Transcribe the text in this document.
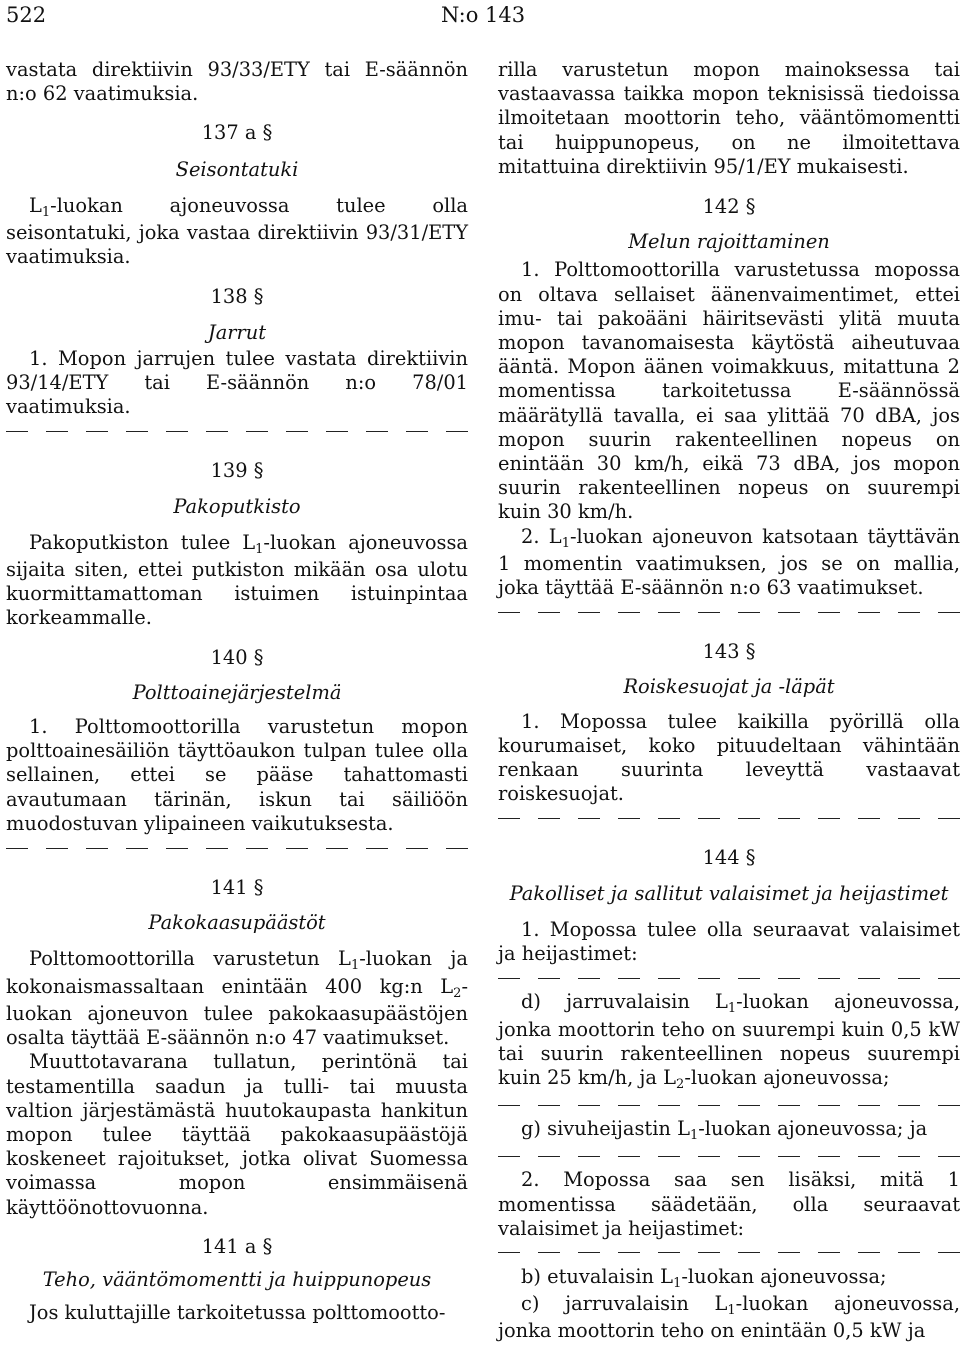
522	N:o 143

vastata direktiivin 93/33/ETY tai E-säännön n:o 62 vaatimuksia.

137 a §

Seisontatuki

$L_1$-luokan ajoneuvossa tulee olla seisontatuki, joka vastaa direktiivin 93/31/ETY vaatimuksia.

138 §

Jarrut

1. Mopon jarrujen tulee vastata direktiivin 93/14/ETY tai E-säännön n:o 78/01 vaatimuksia.

139 §

Pakoputkisto

Pakoputkiston tulee $L_1$-luokan ajoneuvossa sijaita siten, ettei putkiston mikään osa ulotu kuormittamattoman istuimen istuinpintaa korkeammalle.

140 §

Polttoainejärjestelmä

1. Polttomoottorilla varustetun mopon polttoainesäiliön täyttöaukon tulpan tulee olla sellainen, ettei se pääse tahattomasti avautumaan tärinän, iskun tai säiliöön muodostuvan ylipaineen vaikutuksesta.

141 §

Pakokaasupäästöt

Polttomoottorilla varustetun $L_1$-luokan ja kokonaismassaltaan enintään 400 kg:n $L_2$-luokan ajoneuvon tulee pakokaasupäästöjen osalta täyttää E-säännön n:o 47 vaatimukset.

Muuttotavarana tullatun, perintönä tai testamentilla saadun ja tulli- tai muusta valtion järjestämästä huutokaupasta hankitun mopon tulee täyttää pakokaasupäästöjä koskeneet rajoitukset, jotka olivat Suomessa voimassa mopon ensimmäisenä käyttöönottovuonna.

141 a §

Teho, vääntömomentti ja huippunopeus

Jos kuluttajille tarkoitetussa polttomootto-

rilla varustetun mopon mainoksessa tai vastaavassa taikka mopon teknisissä tiedoissa ilmoitetaan moottorin teho, vääntömomentti tai huippunopeus, on ne ilmoitettava mitattuina direktiivin 95/1/EY mukaisesti.

142 §

Melun rajoittaminen

1. Polttomoottorilla varustetussa mopossa on oltava sellaiset äänenvaimentimet, ettei imu- tai pakoääni häiritsevästi ylitä muuta mopon tavanomaisesta käytöstä aiheutuvaa ääntä. Mopon äänen voimakkuus, mitattuna 2 momentissa tarkoitetussa E-säännössä määrätyllä tavalla, ei saa ylittää 70 dBA, jos mopon suurin rakenteellinen nopeus on enintään 30 km/h, eikä 73 dBA, jos mopon suurin rakenteellinen nopeus on suurempi kuin 30 km/h.

2. $L_1$-luokan ajoneuvon katsotaan täyttävän 1 momentin vaatimuksen, jos se on mallia, joka täyttää E-säännön n:o 63 vaatimukset.

143 §

Roiskesuojat ja -läpät

1. Mopossa tulee kaikilla pyörillä olla kourumaiset, koko pituudeltaan vähintään renkaan suurinta leveyttä vastaavat roiskesuojat.

144 §

Pakolliset ja sallitut valaisimet ja heijastimet

1. Mopossa tulee olla seuraavat valaisimet ja heijastimet:

d) jarruvalaisin $L_1$-luokan ajoneuvossa, jonka moottorin teho on suurempi kuin 0,5 kW tai suurin rakenteellinen nopeus suurempi kuin 25 km/h, ja $L_2$-luokan ajoneuvossa;

g) sivuheijastin $L_1$-luokan ajoneuvossa; ja

2. Mopossa saa sen lisäksi, mitä 1 momentissa säädetään, olla seuraavat valaisimet ja heijastimet:

b) etuvalaisin $L_1$-luokan ajoneuvossa;

c) jarruvalaisin $L_1$-luokan ajoneuvossa, jonka moottorin teho on enintään 0,5 kW ja
